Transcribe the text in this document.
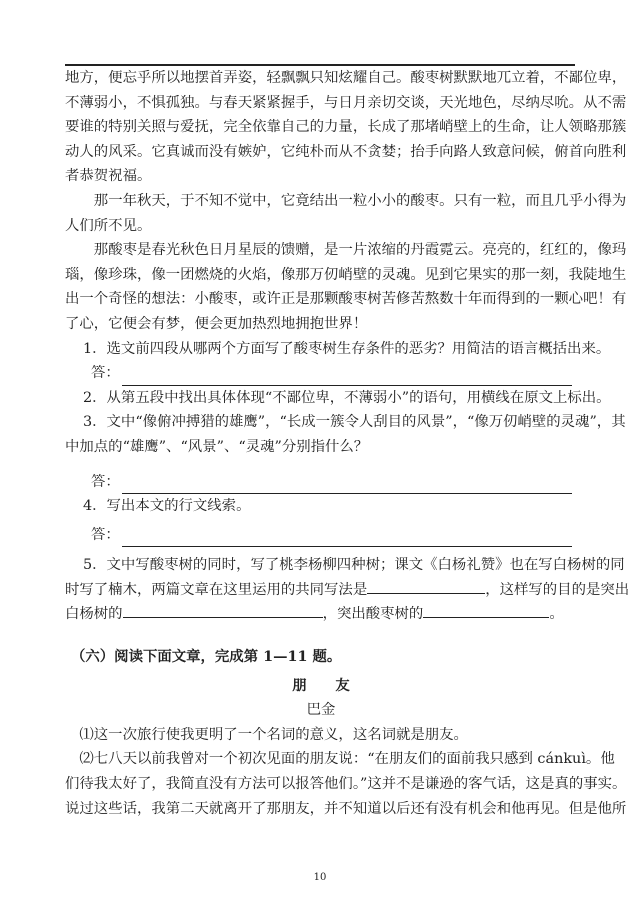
地方，便忘乎所以地摆首弄姿，轻飘飘只知炫耀自己。酸枣树默默地兀立着，不鄙位卑，
不薄弱小，不惧孤独。与春天紧紧握手，与日月亲切交谈，天光地色，尽纳尽吮。从不需
要谁的特别关照与爱抚，完全依靠自己的力量，长成了那堵峭壁上的生命，让人领略那簇
动人的风采。它真诚而没有嫉妒，它纯朴而从不贪婪；抬手向路人致意问候，俯首向胜利
者恭贺祝福。
那一年秋天，于不知不觉中，它竟结出一粒小小的酸枣。只有一粒，而且几乎小得为
人们所不见。
那酸枣是春光秋色日月星辰的馈赠，是一片浓缩的丹霞霓云。亮亮的，红红的，像玛
瑙，像珍珠，像一团燃烧的火焰，像那万仞峭壁的灵魂。见到它果实的那一刻，我陡地生
出一个奇怪的想法：小酸枣，或许正是那颗酸枣树苦修苦熬数十年而得到的一颗心吧！有
了心，它便会有梦，便会更加热烈地拥抱世界！
1．选文前四段从哪两个方面写了酸枣树生存条件的恶劣？用简洁的语言概括出来。
答：
2．从第五段中找出具体体现“不鄙位卑，不薄弱小”的语句，用横线在原文上标出。
3．文中“像俯冲搏猎的雄鹰”，“长成一簇令人刮目的风景”，“像万仞峭壁的灵魂”，其
中加点的“雄鹰”、“风景”、“灵魂”分别指什么？
答：
4．写出本文的行文线索。
答：
5．文中写酸枣树的同时，写了桃李杨柳四种树；课文《白杨礼赞》也在写白杨树的同
时写了楠木，两篇文章在这里运用的共同写法是	，这样写的目的是突出
白杨树的	，突出酸枣树的	。
（六）阅读下面文章，完成第 1—11 题。
朋　　友
巴金
⑴这一次旅行使我更明了一个名词的意义，这名词就是朋友。
⑵七八天以前我曾对一个初次见面的朋友说：“在朋友们的面前我只感到 cánkuì。他
们待我太好了，我简直没有方法可以报答他们。”这并不是谦逊的客气话，这是真的事实。
说过这些话，我第二天就离开了那朋友，并不知道以后还有没有机会和他再见。但是他所
10
